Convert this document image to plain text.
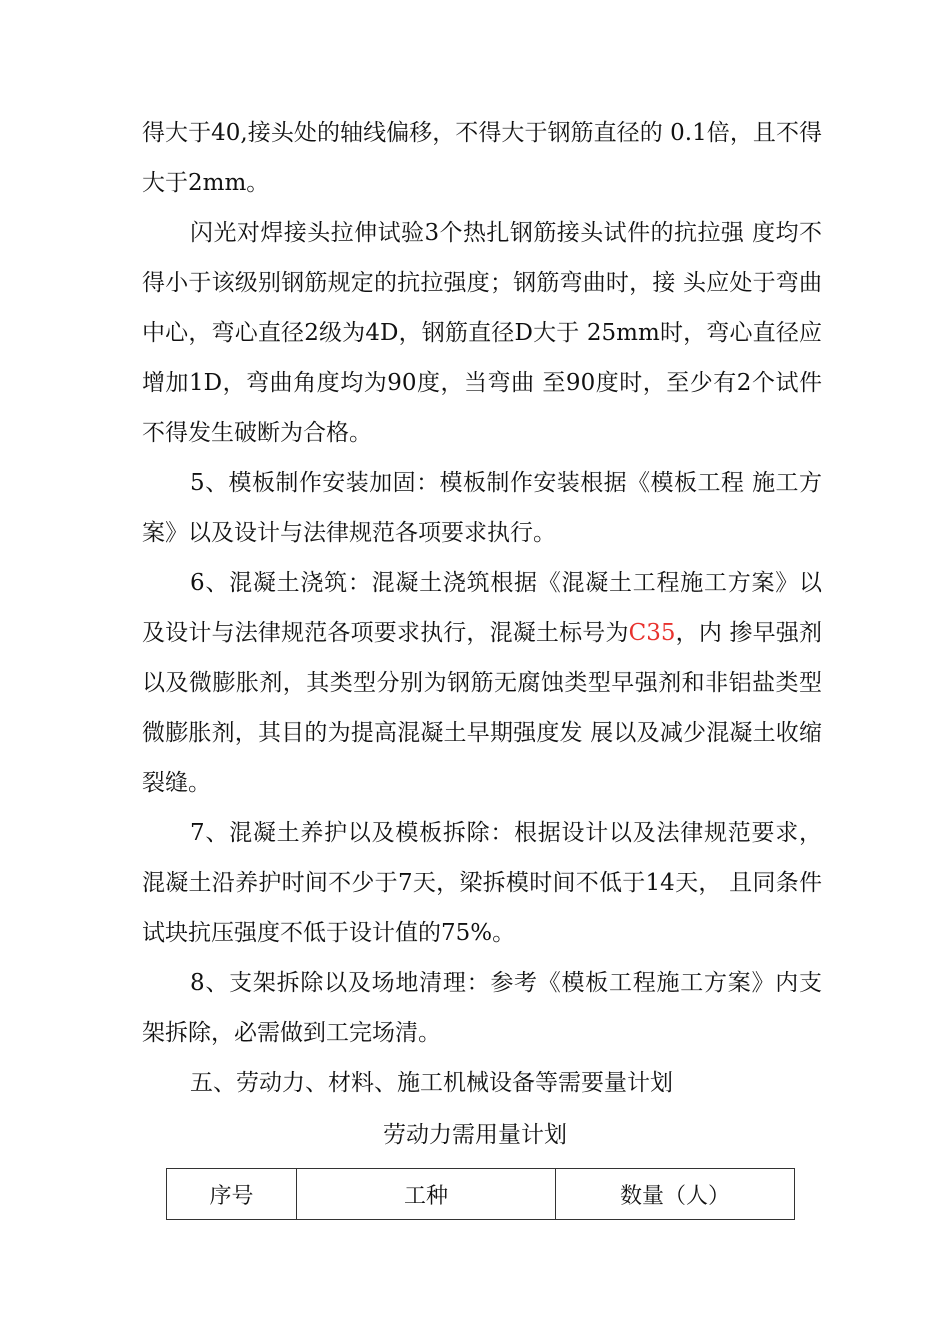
得大于40,接头处的轴线偏移，不得大于钢筋直径的 0.1倍，且不得大于2mm。

闪光对焊接头拉伸试验3个热扎钢筋接头试件的抗拉强 度均不得小于该级别钢筋规定的抗拉强度；钢筋弯曲时，接 头应处于弯曲中心，弯心直径2级为4D，钢筋直径D大于 25mm时，弯心直径应增加1D，弯曲角度均为90度，当弯曲 至90度时，至少有2个试件不得发生破断为合格。

5、模板制作安装加固：模板制作安装根据《模板工程 施工方案》以及设计与法律规范各项要求执行。

6、混凝土浇筑：混凝土浇筑根据《混凝土工程施工方案》以及设计与法律规范各项要求执行，混凝土标号为C35，内 掺早强剂以及微膨胀剂，其类型分别为钢筋无腐蚀类型早强剂和非铝盐类型微膨胀剂，其目的为提高混凝土早期强度发 展以及减少混凝土收缩裂缝。

7、混凝土养护以及模板拆除：根据设计以及法律规范要求， 混凝土沿养护时间不少于7天，梁拆模时间不低于14天， 且同条件试块抗压强度不低于设计值的75%。

8、支架拆除以及场地清理：参考《模板工程施工方案》内支架拆除，必需做到工完场清。

五、劳动力、材料、施工机械设备等需要量计划

劳动力需用量计划

序号	工种	数量（人）
